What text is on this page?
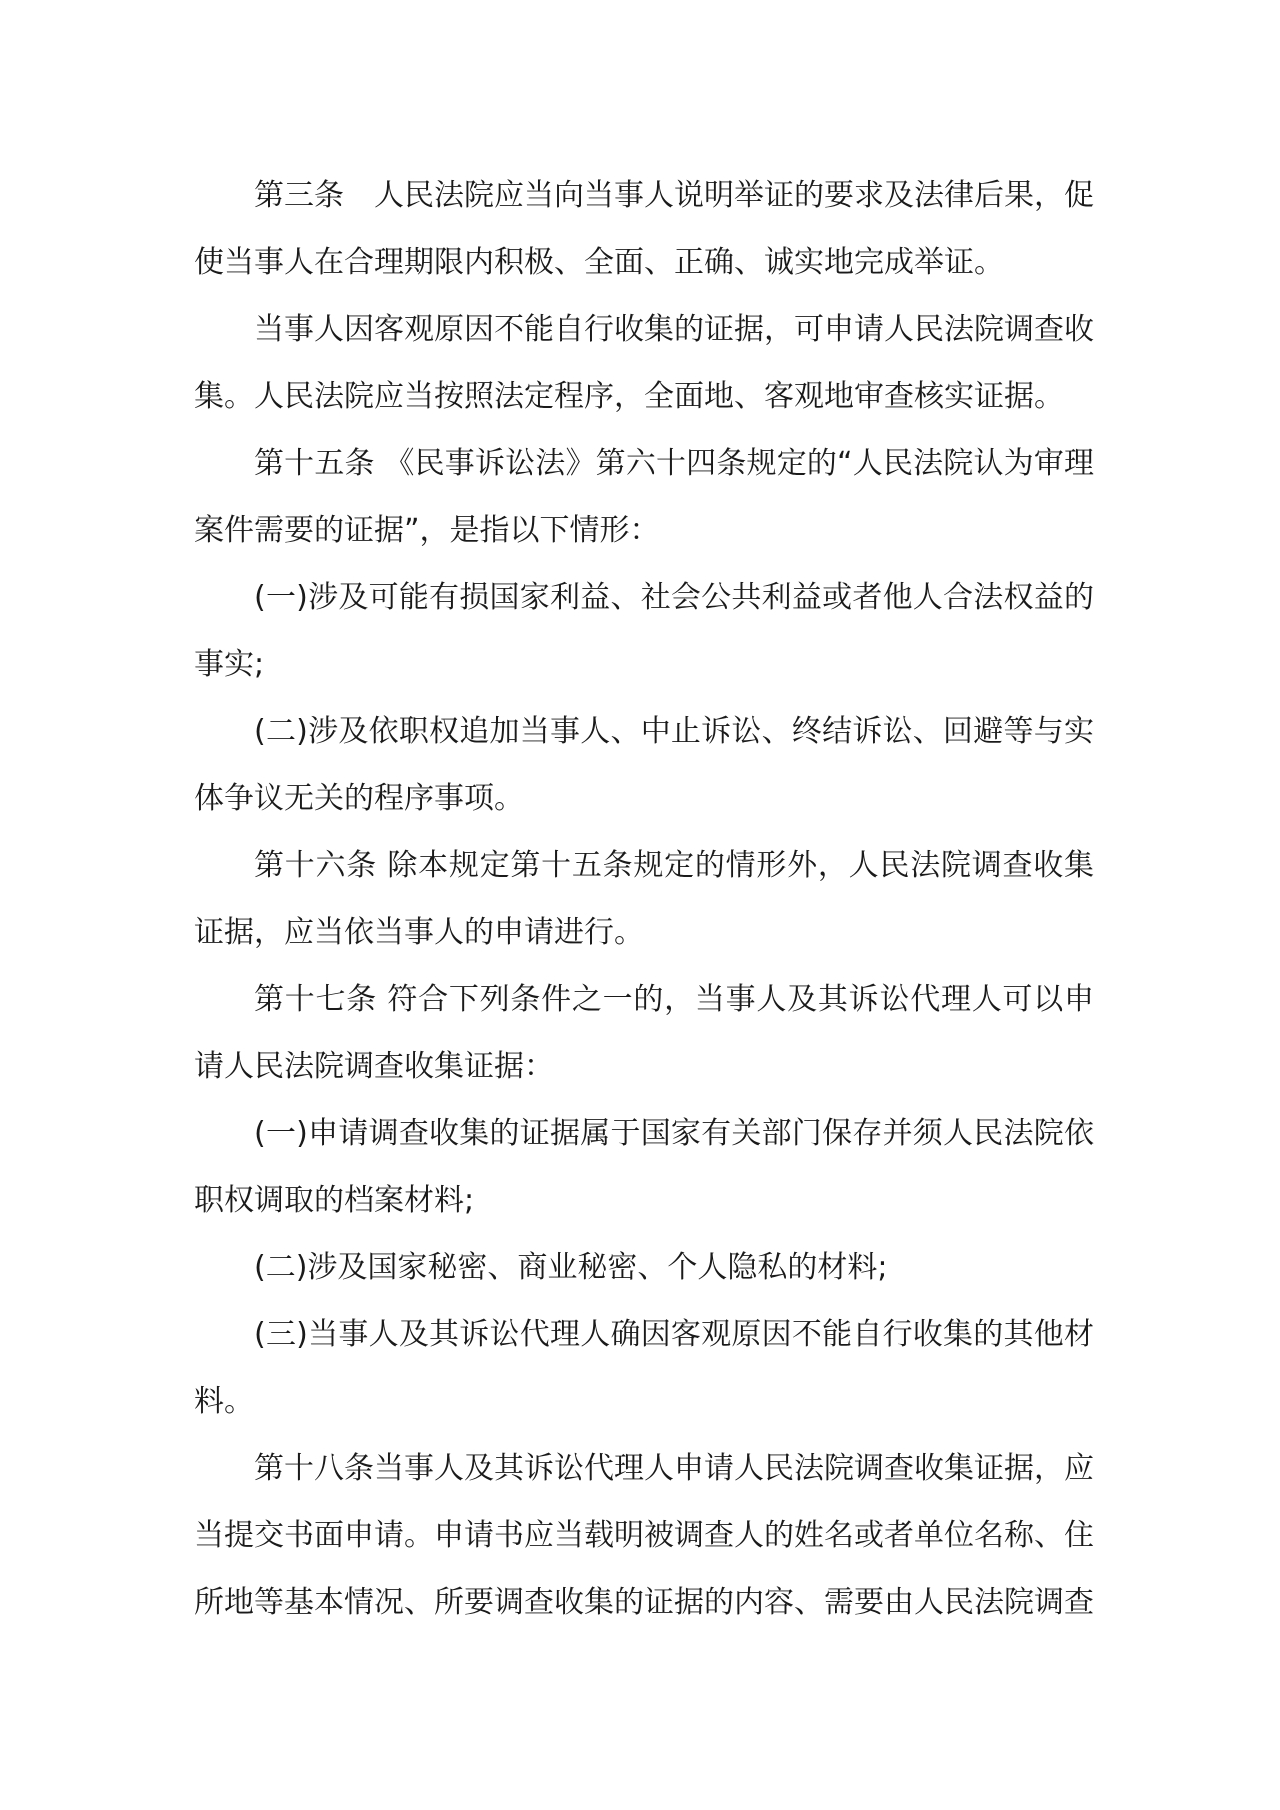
第三条　人民法院应当向当事人说明举证的要求及法律后果，促使当事人在合理期限内积极、全面、正确、诚实地完成举证。

当事人因客观原因不能自行收集的证据，可申请人民法院调查收集。人民法院应当按照法定程序，全面地、客观地审查核实证据。

第十五条 《民事诉讼法》第六十四条规定的“人民法院认为审理案件需要的证据”，是指以下情形：

(一)涉及可能有损国家利益、社会公共利益或者他人合法权益的事实;

(二)涉及依职权追加当事人、中止诉讼、终结诉讼、回避等与实体争议无关的程序事项。

第十六条 除本规定第十五条规定的情形外，人民法院调查收集证据，应当依当事人的申请进行。

第十七条 符合下列条件之一的，当事人及其诉讼代理人可以申请人民法院调查收集证据：

(一)申请调查收集的证据属于国家有关部门保存并须人民法院依职权调取的档案材料;

(二)涉及国家秘密、商业秘密、个人隐私的材料;

(三)当事人及其诉讼代理人确因客观原因不能自行收集的其他材料。

第十八条当事人及其诉讼代理人申请人民法院调查收集证据，应当提交书面申请。申请书应当载明被调查人的姓名或者单位名称、住所地等基本情况、所要调查收集的证据的内容、需要由人民法院调查
